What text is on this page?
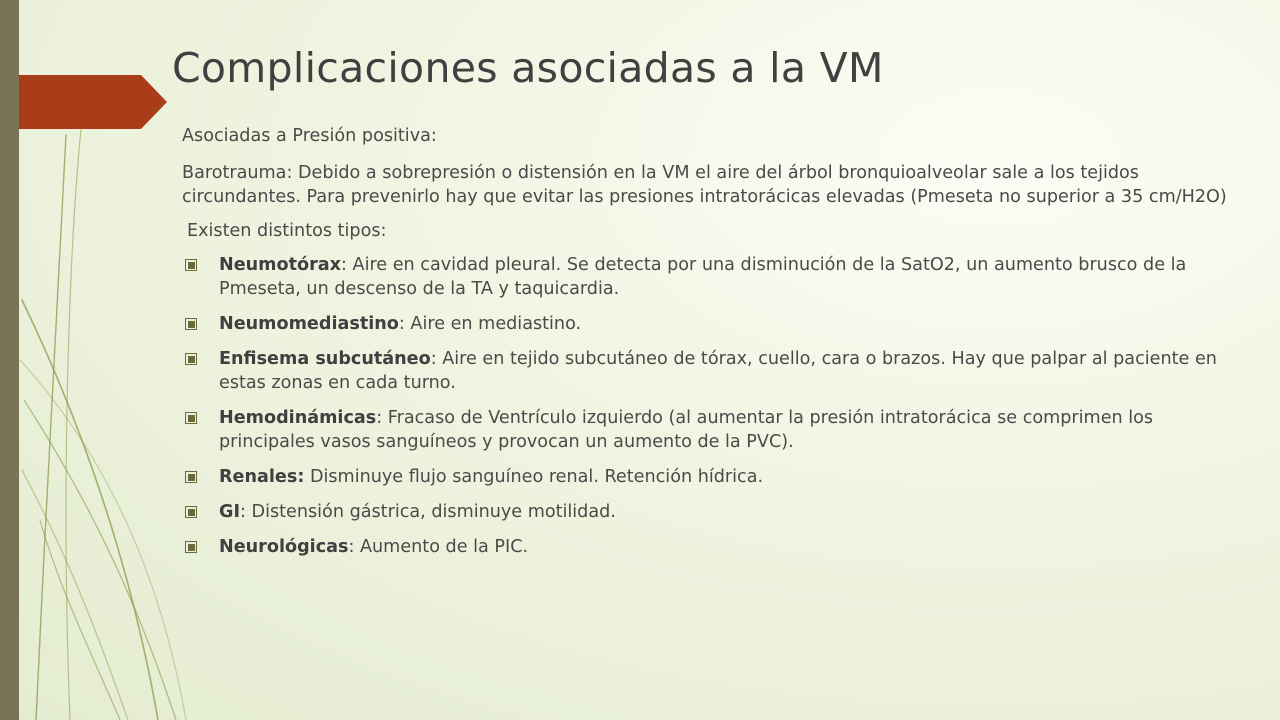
Complicaciones asociadas a la VM

Asociadas a Presión positiva:

Barotrauma: Debido a sobrepresión o distensión en la VM el aire del árbol bronquioalveolar sale a los tejidos circundantes. Para prevenirlo hay que evitar las presiones intratorácicas elevadas (Pmeseta no superior a 35 cm/H2O)

Existen distintos tipos:

Neumotórax: Aire en cavidad pleural. Se detecta por una disminución de la SatO2, un aumento brusco de la Pmeseta, un descenso de la TA y taquicardia.
Neumomediastino: Aire en mediastino.
Enfisema subcutáneo: Aire en tejido subcutáneo de tórax, cuello, cara o brazos. Hay que palpar al paciente en estas zonas en cada turno.
Hemodinámicas: Fracaso de Ventrículo izquierdo (al aumentar la presión intratorácica se comprimen los principales vasos sanguíneos y provocan un aumento de la PVC).
Renales: Disminuye flujo sanguíneo renal. Retención hídrica.
GI: Distensión gástrica, disminuye motilidad.
Neurológicas: Aumento de la PIC.
